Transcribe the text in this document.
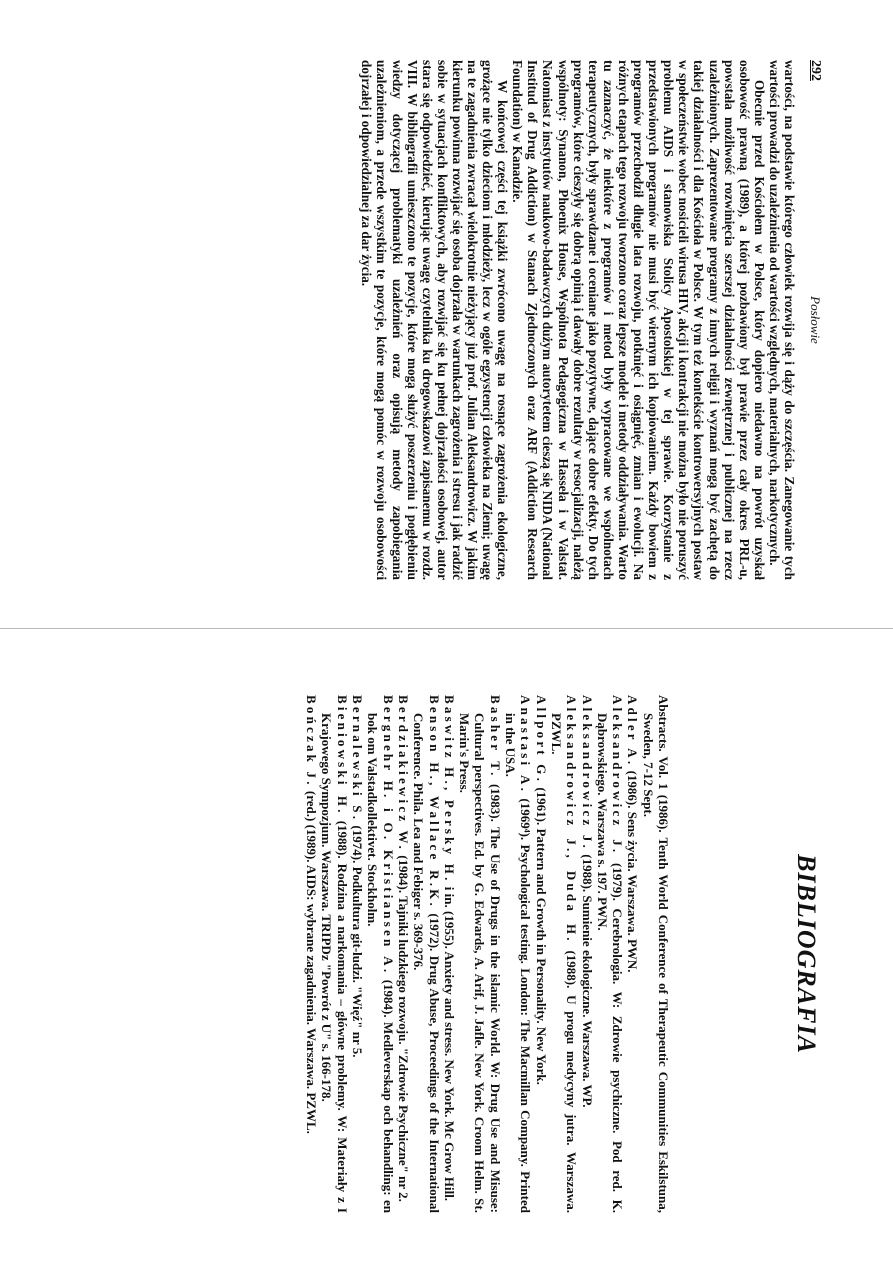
292
Posłowie

wartości, na podstawie którego człowiek rozwija się i dąży do szczęścia. Zanegowanie tych wartości prowadzi do uzależnienia od wartości względnych, materialnych, narkotycznych.

Obecnie przed Kościołem w Polsce, który dopiero niedawno na powrót uzyskał osobowość prawną (1989), a której pozbawiony był prawie przez cały okres PRL-u, powstała możliwość rozwinięcia szerszej działalności zewnętrznej i publicznej na rzecz uzależnionych. Zaprezentowane programy z innych religii i wyznań mogą być zachętą do takiej działalności i dla Kościoła w Polsce. W tym też kontekście kontrowersyjnych postaw w społeczeństwie wobec nosicieli wirusa HIV, akcji i kontrakcji nie można było nie poruszyć problemu AIDS i stanowiska Stolicy Apostolskiej w tej sprawie. Korzystanie z przedstawionych programów nie musi być wiernym ich kopiowaniem. Każdy bowiem z programów przechodził długie lata rozwoju, potknięć i osiągnięć, zmian i ewolucji. Na różnych etapach tego rozwoju tworzono coraz lepsze modele i metody oddziaływania. Warto tu zaznaczyć, że niektóre z programów i metod były wypracowane we wspólnotach terapeutycznych, były sprawdzane i oceniane jako pozytywne, dające dobre efekty. Do tych programów, które cieszyły się dobrą opinią i dawały dobre rezultaty w resocjalizacji, należą wspólnoty: Synanon, Phoenix House, Wspólnota Pedagogiczna w Hasseła i w Valstat. Natomiast z instytutów naukowo-badawczych dużym autorytetem cieszą się NIDA (National Institud of Drug Addiction) w Stanach Zjednoczonych oraz ARF (Addiction Research Foundation) w Kanadzie.

W końcowej części tej książki zwrócono uwagę na rosnące zagrożenia ekologiczne, grożące nie tylko dzieciom i młodzieży, lecz w ogóle egzystencji człowieka na Ziemi; uwagę na te zagadnienia zwracał wielokrotnie nieżyjący już prof. Julian Aleksandrowicz. W jakim kierunku powinna rozwijać się osoba dojrzała w warunkach zagrożenia i stresu i jak radzić sobie w sytuacjach konfliktowych, aby rozwijać się ku pełnej dojrzałości osobowej, autor stara się odpowiedzieć, kierując uwagę czytelnika ku drogowskazowi zapisanemu w rozdz. VIII. W bibliografii umieszczono te pozycje, które mogą służyć poszerzeniu i pogłębieniu wiedzy dotyczącej problematyki uzależnień oraz opisują metody zapobiegania uzależnieniom, a przede wszystkim te pozycje, które mogą pomóc w rozwoju osobowości dojrzałej i odpowiedzialnej za dar życia.

BIBLIOGRAFIA
Abstracts. Vol. 1 (1986). Tenth World Conference of Therapeutic Communities Eskilstuna, Sweden, 7-12 Sept.
Adler A. (1986). Sens życia. Warszawa. PWN.
Aleksandrowicz J. (1979). Cerebrologia. W: Zdrowie psychiczne. Pod red. K. Dąbrowskiego. Warszawa s. 197. PWN.
Aleksandrowicz J. (1988). Sumienie ekologiczne. Warszawa. WP.
Aleksandrowicz J., Duda H. (1988). U progu medycyny jutra. Warszawa. PZWL.
Allport G. (1961). Pattern and Growth in Personality. New York.
Anastasi A. (1969⁴). Psychological testing. London: The Macmillan Company. Printed in the USA.
Basher T. (1983). The Use of Drugs in the islamic World. W: Drug Use and Misuse: Cultural perspectives. Ed. by G. Edwards, A. Arif, J. Jafle. New York. Croom Helm. St. Marin's Press.
Baswitz H., Persky H. i in. (1955). Anxiety and stress. New York. Mc Grow Hill.
Benson H., Wallace R.K. (1972). Drug Abuse, Proceedings of the International Conference. Phila. Lea and Febiger s. 369-376.
Berdziakiewicz W. (1984). Tajniki ludzkiego rozwoju. "Zdrowie Psychiczne" nr 2.
Bergnehr H. i O. Kristiansen A. (1984). Medleverskap och behandling: en bok om Valstadkollektivet. Stockholm.
Bernalewski S. (1974). Podkultura git-ludzi. "Więź" nr 5.
Bieniowski H. (1988). Rodzina a narkomania – główne problemy. W: Materiały z I Krajowego Sympozjum. Warszawa. TRIPDz "Powrót z U" s. 166-178.
Bończak J. (red.) (1989). AIDS: wybrane zagadnienia. Warszawa. PZWL.
